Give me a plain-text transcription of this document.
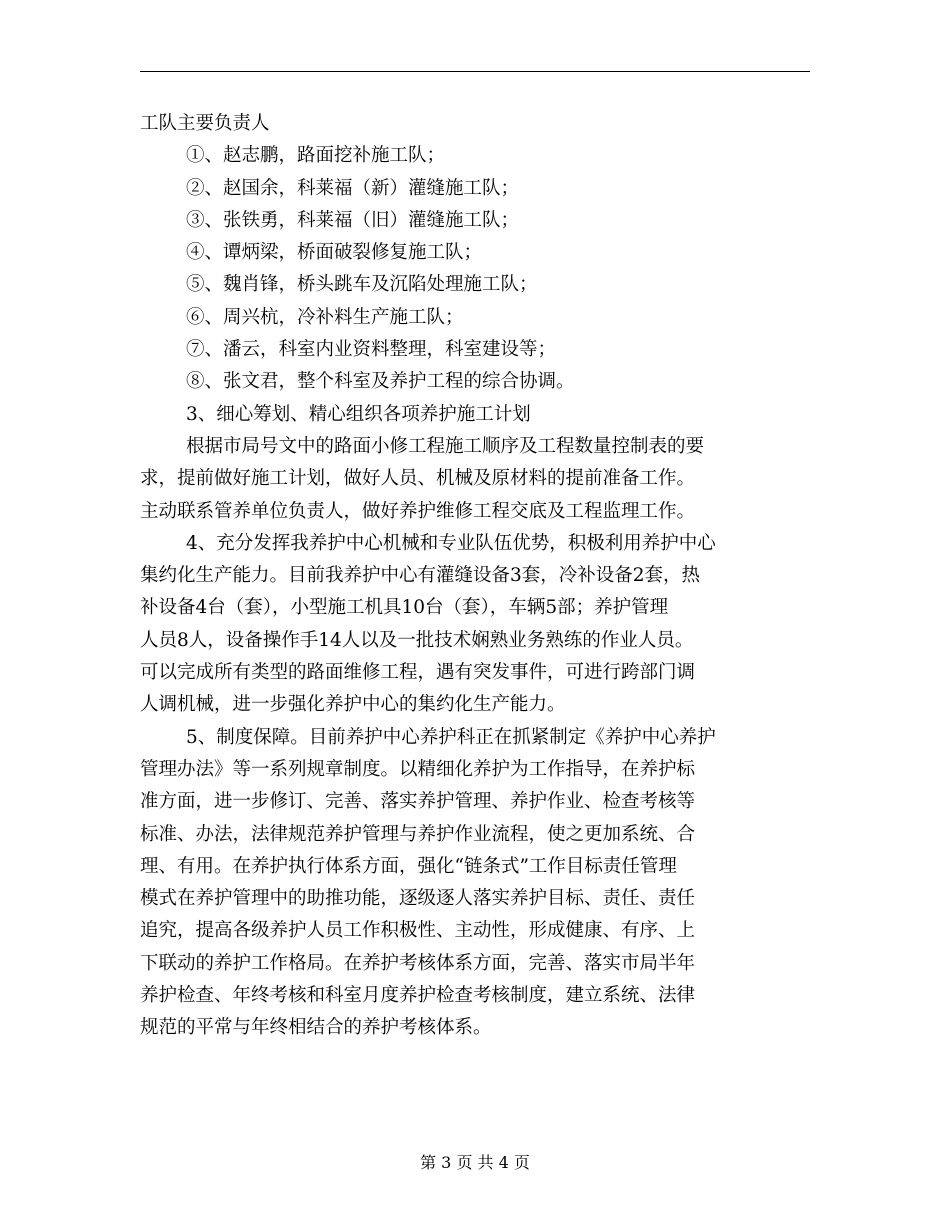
工队主要负责人
①、赵志鹏，路面挖补施工队；
②、赵国余，科莱福（新）灌缝施工队；
③、张铁勇，科莱福（旧）灌缝施工队；
④、谭炳梁，桥面破裂修复施工队；
⑤、魏肖锋，桥头跳车及沉陷处理施工队；
⑥、周兴杭，冷补料生产施工队；
⑦、潘云，科室内业资料整理，科室建设等；
⑧、张文君，整个科室及养护工程的综合协调。
3、细心筹划、精心组织各项养护施工计划
根据市局号文中的路面小修工程施工顺序及工程数量控制表的要
求，提前做好施工计划，做好人员、机械及原材料的提前准备工作。
主动联系管养单位负责人，做好养护维修工程交底及工程监理工作。
4、充分发挥我养护中心机械和专业队伍优势，积极利用养护中心
集约化生产能力。目前我养护中心有灌缝设备3套，冷补设备2套，热
补设备4台（套），小型施工机具10台（套），车辆5部；养护管理
人员8人，设备操作手14人以及一批技术娴熟业务熟练的作业人员。
可以完成所有类型的路面维修工程，遇有突发事件，可进行跨部门调
人调机械，进一步强化养护中心的集约化生产能力。
5、制度保障。目前养护中心养护科正在抓紧制定《养护中心养护
管理办法》等一系列规章制度。以精细化养护为工作指导，在养护标
准方面，进一步修订、完善、落实养护管理、养护作业、检查考核等
标准、办法，法律规范养护管理与养护作业流程，使之更加系统、合
理、有用。在养护执行体系方面，强化“链条式”工作目标责任管理
模式在养护管理中的助推功能，逐级逐人落实养护目标、责任、责任
追究，提高各级养护人员工作积极性、主动性，形成健康、有序、上
下联动的养护工作格局。在养护考核体系方面，完善、落实市局半年
养护检查、年终考核和科室月度养护检查考核制度，建立系统、法律
规范的平常与年终相结合的养护考核体系。
第 3 页 共 4 页
